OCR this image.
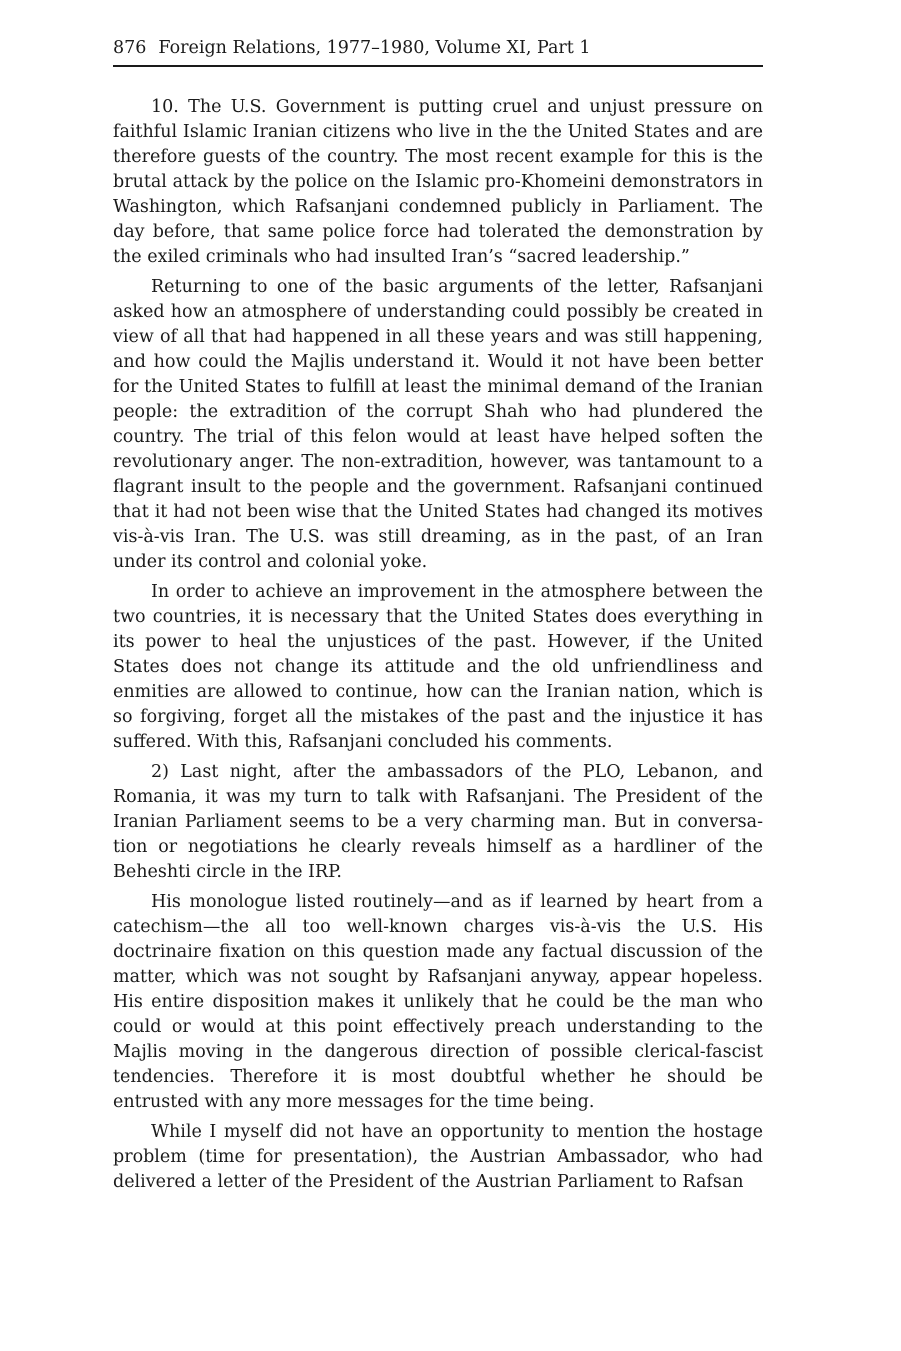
876 Foreign Relations, 1977–1980, Volume XI, Part 1

10. The U.S. Government is putting cruel and unjust pressure on faithful Islamic Iranian citizens who live in the the United States and are therefore guests of the country. The most recent example for this is the brutal attack by the police on the Islamic pro-Khomeini demonstrators in Washington, which Rafsanjani condemned publicly in Parliament. The day before, that same police force had tolerated the demonstration by the exiled criminals who had insulted Iran’s “sacred leadership.”

Returning to one of the basic arguments of the letter, Rafsanjani asked how an atmosphere of understanding could possibly be created in view of all that had happened in all these years and was still happening, and how could the Majlis understand it. Would it not have been better for the United States to fulfill at least the minimal demand of the Iranian people: the extradition of the corrupt Shah who had plundered the country. The trial of this felon would at least have helped soften the revolutionary anger. The non-extradition, however, was tantamount to a flagrant insult to the people and the government. Rafsanjani continued that it had not been wise that the United States had changed its motives vis-à-vis Iran. The U.S. was still dreaming, as in the past, of an Iran under its control and colonial yoke.

In order to achieve an improvement in the atmosphere between the two countries, it is necessary that the United States does everything in its power to heal the unjustices of the past. However, if the United States does not change its attitude and the old unfriendliness and enmities are allowed to continue, how can the Iranian nation, which is so forgiving, forget all the mistakes of the past and the injustice it has suffered. With this, Rafsanjani concluded his comments.

2) Last night, after the ambassadors of the PLO, Lebanon, and Romania, it was my turn to talk with Rafsanjani. The President of the Iranian Parliament seems to be a very charming man. But in conversation or negotiations he clearly reveals himself as a hardliner of the Beheshti circle in the IRP.

His monologue listed routinely—and as if learned by heart from a catechism—the all too well-known charges vis-à-vis the U.S. His doctrinaire fixation on this question made any factual discussion of the matter, which was not sought by Rafsanjani anyway, appear hopeless. His entire disposition makes it unlikely that he could be the man who could or would at this point effectively preach understanding to the Majlis moving in the dangerous direction of possible clerical-fascist tendencies. Therefore it is most doubtful whether he should be entrusted with any more messages for the time being.

While I myself did not have an opportunity to mention the hostage problem (time for presentation), the Austrian Ambassador, who had delivered a letter of the President of the Austrian Parliament to Rafsan
